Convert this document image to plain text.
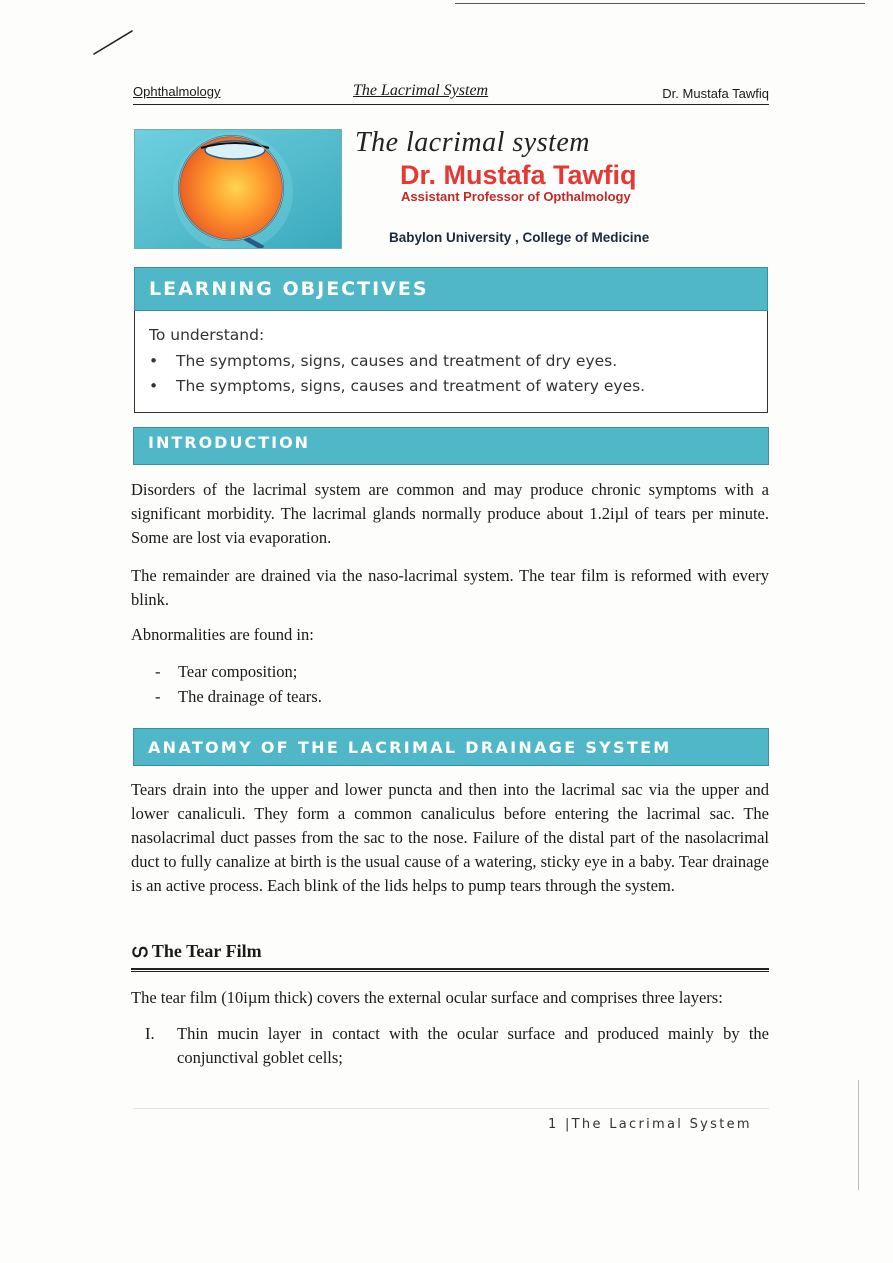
Ophthalmology	The Lacrimal System	Dr. Mustafa Tawfiq
The lacrimal system
Dr. Mustafa Tawfiq
Assistant Professor of Opthalmology
Babylon University , College of Medicine
LEARNING OBJECTIVES
To understand:
• The symptoms, signs, causes and treatment of dry eyes.
• The symptoms, signs, causes and treatment of watery eyes.
INTRODUCTION

Disorders of the lacrimal system are common and may produce chronic symptoms with a significant morbidity. The lacrimal glands normally produce about 1.2iµl of tears per minute. Some are lost via evaporation.

The remainder are drained via the naso-lacrimal system. The tear film is reformed with every blink.

Abnormalities are found in:

- Tear composition;
- The drainage of tears.
ANATOMY OF THE LACRIMAL DRAINAGE SYSTEM

Tears drain into the upper and lower puncta and then into the lacrimal sac via the upper and lower canaliculi. They form a common canaliculus before entering the lacrimal sac. The nasolacrimal duct passes from the sac to the nose. Failure of the distal part of the nasolacrimal duct to fully canalize at birth is the usual cause of a watering, sticky eye in a baby. Tear drainage is an active process. Each blink of the lids helps to pump tears through the system.

ഗ The Tear Film

The tear film (10iµm thick) covers the external ocular surface and comprises three layers:

I. Thin mucin layer in contact with the ocular surface and produced mainly by the conjunctival goblet cells;
1 |The Lacrimal System
